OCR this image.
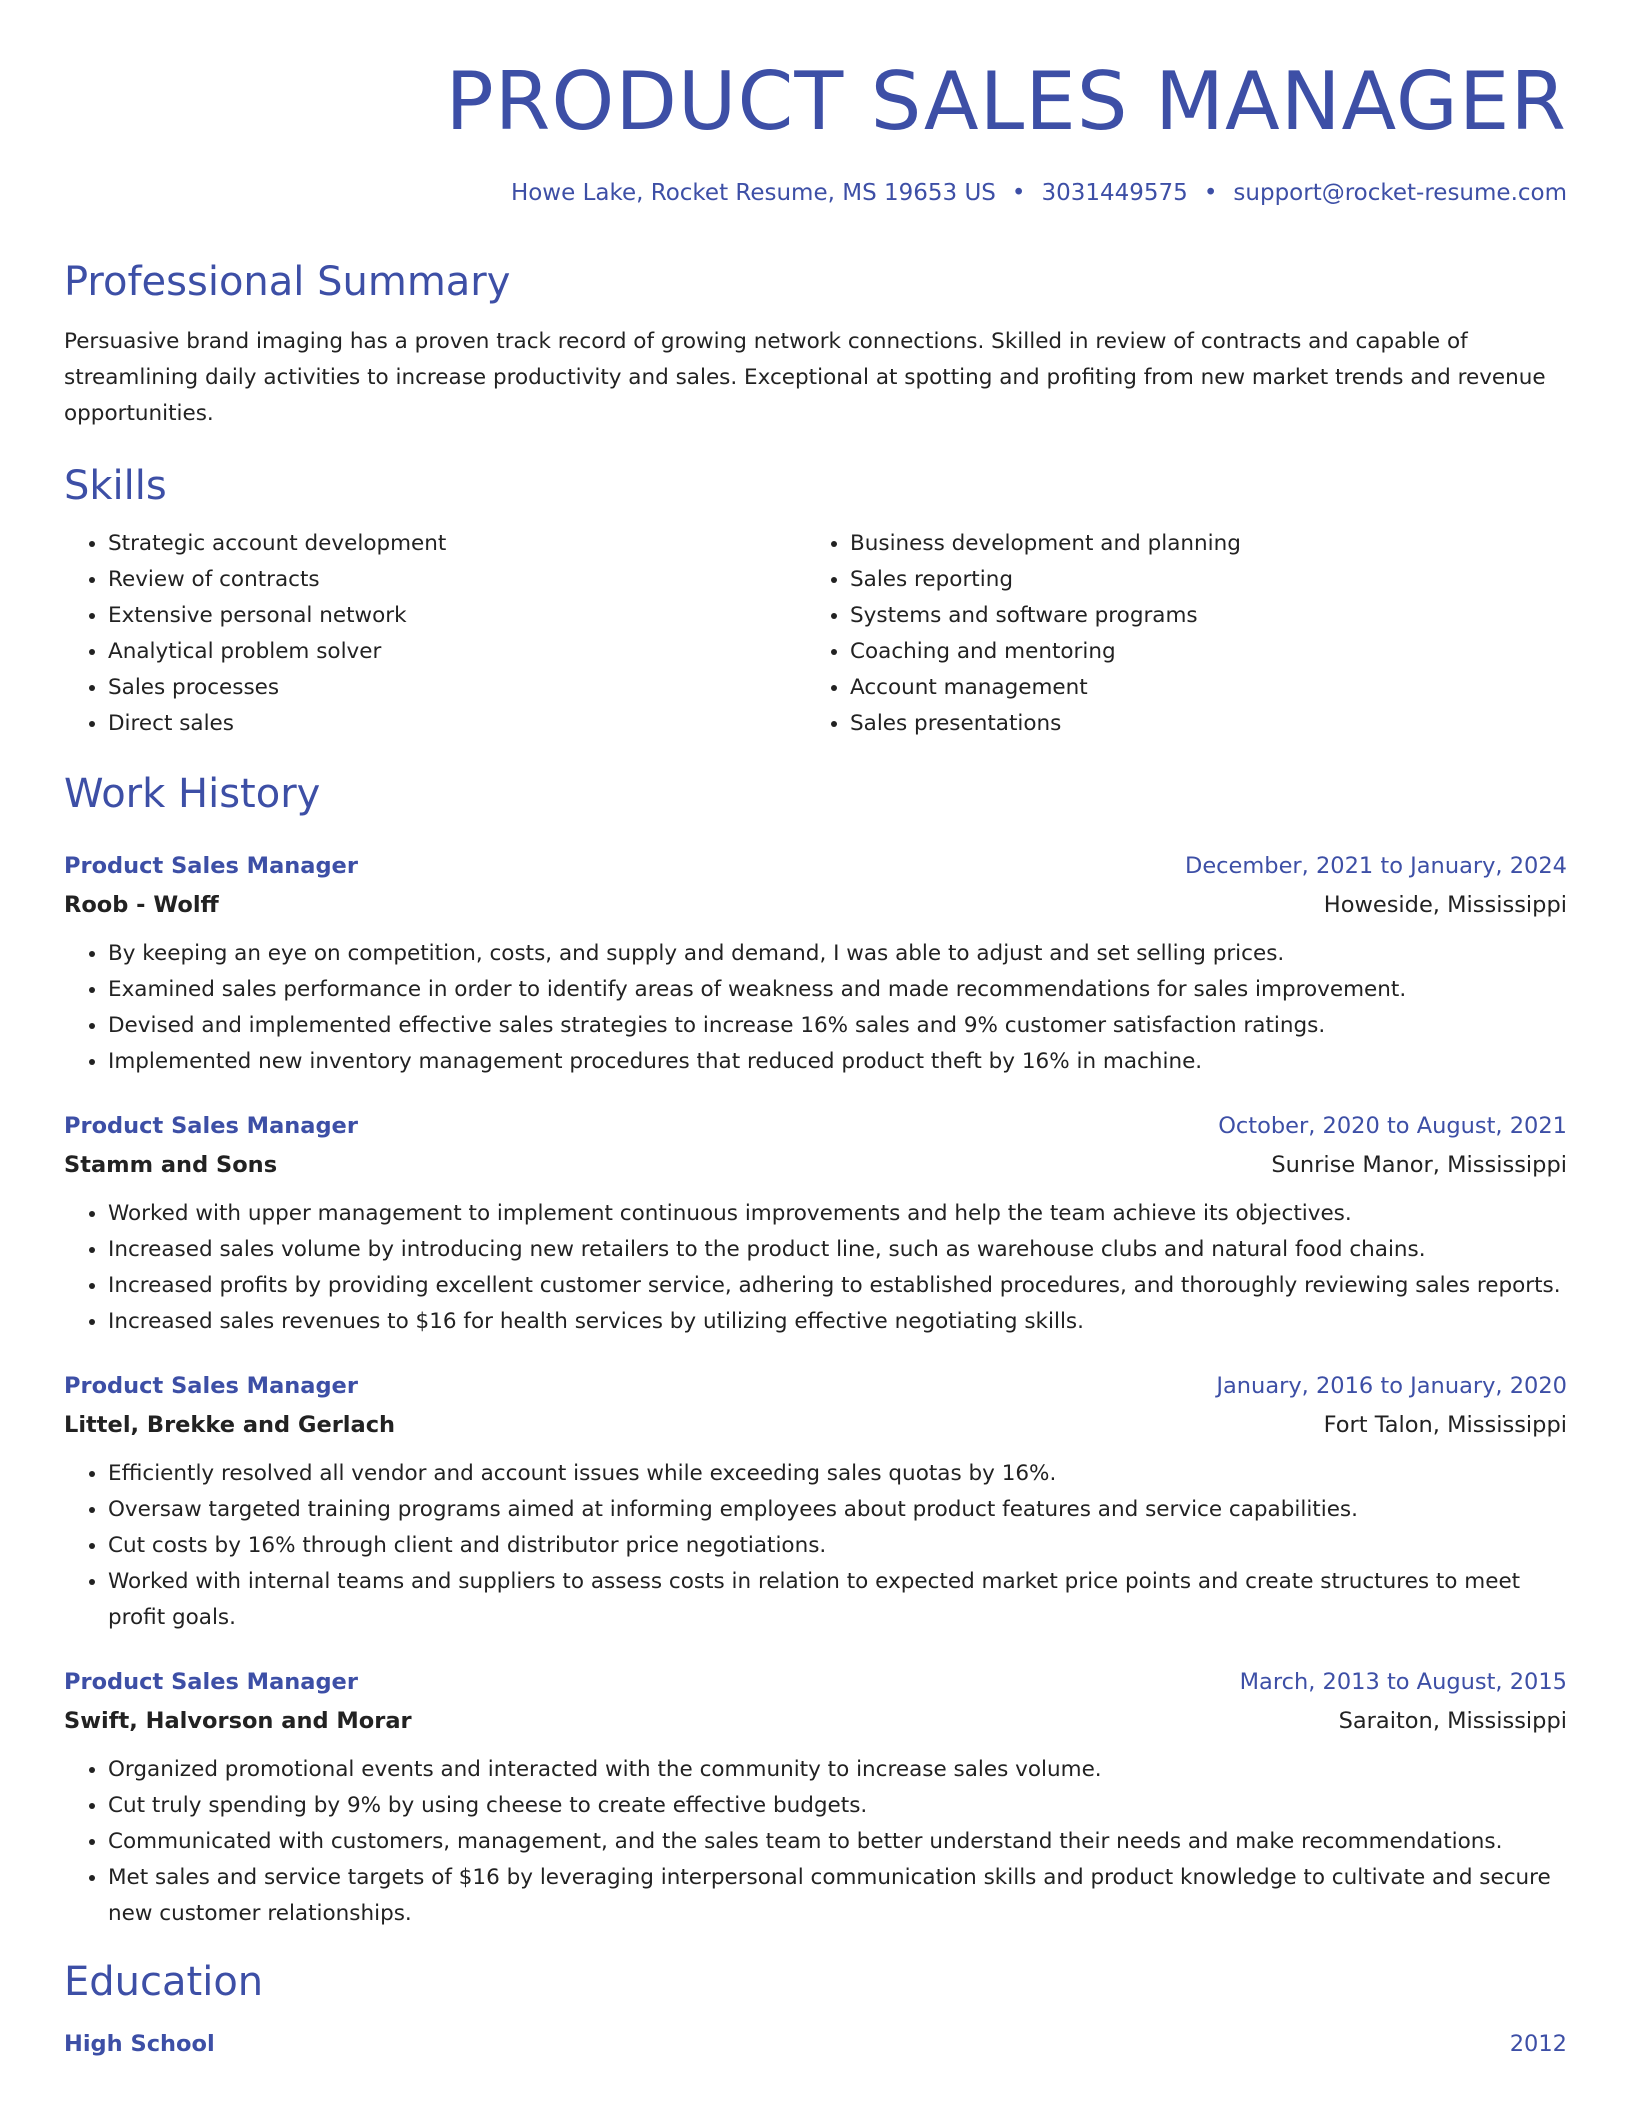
PRODUCT SALES MANAGER
Howe Lake, Rocket Resume, MS 19653 US • 3031449575 • support@rocket-resume.com
Professional Summary
Persuasive brand imaging has a proven track record of growing network connections. Skilled in review of contracts and capable of streamlining daily activities to increase productivity and sales. Exceptional at spotting and profiting from new market trends and revenue opportunities.
Skills
• Strategic account development
• Review of contracts
• Extensive personal network
• Analytical problem solver
• Sales processes
• Direct sales
• Business development and planning
• Sales reporting
• Systems and software programs
• Coaching and mentoring
• Account management
• Sales presentations
Work History
Product Sales Manager	December, 2021 to January, 2024
Roob - Wolff	Howeside, Mississippi
• By keeping an eye on competition, costs, and supply and demand, I was able to adjust and set selling prices.
• Examined sales performance in order to identify areas of weakness and made recommendations for sales improvement.
• Devised and implemented effective sales strategies to increase 16% sales and 9% customer satisfaction ratings.
• Implemented new inventory management procedures that reduced product theft by 16% in machine.
Product Sales Manager	October, 2020 to August, 2021
Stamm and Sons	Sunrise Manor, Mississippi
• Worked with upper management to implement continuous improvements and help the team achieve its objectives.
• Increased sales volume by introducing new retailers to the product line, such as warehouse clubs and natural food chains.
• Increased profits by providing excellent customer service, adhering to established procedures, and thoroughly reviewing sales reports.
• Increased sales revenues to $16 for health services by utilizing effective negotiating skills.
Product Sales Manager	January, 2016 to January, 2020
Littel, Brekke and Gerlach	Fort Talon, Mississippi
• Efficiently resolved all vendor and account issues while exceeding sales quotas by 16%.
• Oversaw targeted training programs aimed at informing employees about product features and service capabilities.
• Cut costs by 16% through client and distributor price negotiations.
• Worked with internal teams and suppliers to assess costs in relation to expected market price points and create structures to meet profit goals.
Product Sales Manager	March, 2013 to August, 2015
Swift, Halvorson and Morar	Saraiton, Mississippi
• Organized promotional events and interacted with the community to increase sales volume.
• Cut truly spending by 9% by using cheese to create effective budgets.
• Communicated with customers, management, and the sales team to better understand their needs and make recommendations.
• Met sales and service targets of $16 by leveraging interpersonal communication skills and product knowledge to cultivate and secure new customer relationships.
Education
High School	2012
